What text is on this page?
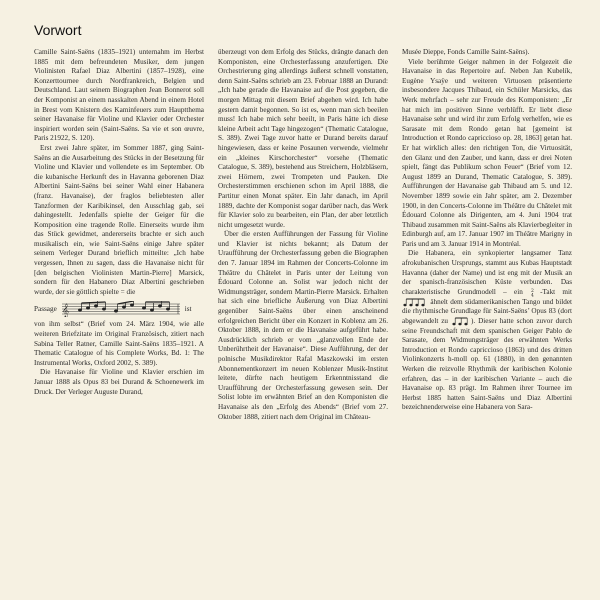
Vorwort

Camille Saint-Saëns (1835–1921) unternahm im Herbst 1885 mit dem befreundeten Musiker, dem jungen Violinisten Rafael Diaz Albertini (1857–1928), eine Konzerttournee durch Nordfrankreich, Belgien und Deutschland. Laut seinem Biographen Jean Bonnerot soll der Komponist an einem nasskalten Abend in einem Hotel in Brest vom Knistern des Kaminfeuers zum Hauptthema seiner Havanaise für Violine und Klavier oder Orchester inspiriert worden sein (Saint-Saëns. Sa vie et son œuvre, Paris 21922, S. 120).

Erst zwei Jahre später, im Sommer 1887, ging Saint-Saëns an die Ausarbeitung des Stücks in der Besetzung für Violine und Klavier und vollendete es im September. Ob die kubanische Herkunft des in Havanna geborenen Diaz Albertini Saint-Saëns bei seiner Wahl einer Habanera (franz. Havanaise), der fraglos beliebtesten aller Tanzformen der Karibikinsel, den Ausschlag gab, sei dahingestellt. Jedenfalls spielte der Geiger für die Komposition eine tragende Rolle. Einerseits wurde ihm das Stück gewidmet, andererseits brachte er sich auch musikalisch ein, wie Saint-Saëns einige Jahre später seinem Verleger Durand brieflich mitteilte: „Ich habe vergessen, Ihnen zu sagen, dass die Havanaise nicht für [den belgischen Violinisten Martin-Pierre] Marsick, sondern für den Habanero Diaz Albertini geschrieben wurde, der sie göttlich spielte = die

Passage 𝄞	ist

von ihm selbst“ (Brief vom 24. März 1904, wie alle weiteren Briefzitate im Original Französisch, zitiert nach Sabina Teller Ratner, Camille Saint-Saëns 1835–1921. A Thematic Catalogue of his Complete Works, Bd. 1: The Instrumental Works, Oxford 2002, S. 389).

Die Havanaise für Violine und Klavier erschien im Januar 1888 als Opus 83 bei Durand & Schoenewerk im Druck. Der Verleger Auguste Durand,

überzeugt von dem Erfolg des Stücks, drängte danach den Komponisten, eine Orchesterfassung anzufertigen. Die Orchestrierung ging allerdings äußerst schnell vonstatten, denn Saint-Saëns schrieb am 23. Februar 1888 an Durand: „Ich habe gerade die Havanaise auf die Post gegeben, die morgen Mittag mit diesem Brief abgehen wird. Ich habe gestern damit begonnen. So ist es, wenn man sich beeilen muss! Ich habe mich sehr beeilt, in Paris hätte ich diese kleine Arbeit acht Tage hingezogen“ (Thematic Catalogue, S. 389). Zwei Tage zuvor hatte er Durand bereits darauf hingewiesen, dass er keine Posaunen verwende, vielmehr ein „kleines Kirschorchester“ vorsehe (Thematic Catalogue, S. 389), bestehend aus Streichern, Holzbläsern, zwei Hörnern, zwei Trompeten und Pauken. Die Orchesterstimmen erschienen schon im April 1888, die Partitur einen Monat später. Ein Jahr danach, im April 1889, dachte der Komponist sogar darüber nach, das Werk für Klavier solo zu bearbeiten, ein Plan, der aber letztlich nicht umgesetzt wurde.

Über die ersten Aufführungen der Fassung für Violine und Klavier ist nichts bekannt; als Datum der Uraufführung der Orchesterfassung geben die Biographen den 7. Januar 1894 im Rahmen der Concerts-Colonne im Théâtre du Châtelet in Paris unter der Leitung von Édouard Colonne an. Solist war jedoch nicht der Widmungsträger, sondern Martin-Pierre Marsick. Erhalten hat sich eine briefliche Äußerung von Diaz Albertini gegenüber Saint-Saëns über einen anscheinend erfolgreichen Bericht über ein Konzert in Koblenz am 26. Oktober 1888, in dem er die Havanaise aufgeführt habe. Ausdrücklich schrieb er vom „glanzvollen Ende der Unberührtheit der Havanaise“. Diese Aufführung, der der polnische Musikdirektor Rafal Maszkowski im ersten Abonnementkonzert im neuen Koblenzer Musik-Institut leitete, dürfte nach heutigem Erkenntnisstand die Uraufführung der Orchesterfassung gewesen sein. Der Solist lobte im erwähnten Brief an den Komponisten die Havanaise als den „Erfolg des Abends“ (Brief vom 27. Oktober 1888, zitiert nach dem Original im Château-

Musée Dieppe, Fonds Camille Saint-Saëns).

Viele berühmte Geiger nahmen in der Folgezeit die Havanaise in das Repertoire auf. Neben Jan Kubelík, Eugène Ysaÿe und weiteren Virtuosen präsentierte insbesondere Jacques Thibaud, ein Schüler Marsicks, das Werk mehrfach – sehr zur Freude des Komponisten: „Er hat mich im positiven Sinne verblüfft. Er liebt diese Havanaise sehr und wird ihr zum Erfolg verhelfen, wie es Sarasate mit dem Rondo getan hat [gemeint ist Introduction et Rondo capriccioso op. 28, 1863] getan hat. Er hat wirklich alles: den richtigen Ton, die Virtuosität, den Glanz und den Zauber, und kann, dass er drei Noten spielt, fängt das Publikum schon Feuer“ (Brief vom 12. August 1899 an Durand, Thematic Catalogue, S. 389). Aufführungen der Havanaise gab Thibaud am 5. und 12. November 1899 sowie ein Jahr später, am 2. Dezember 1900, in den Concerts-Colonne im Théâtre du Châtelet mit Édouard Colonne als Dirigenten, am 4. Juni 1904 trat Thibaud zusammen mit Saint-Saëns als Klavierbegleiter in Edinburgh auf, am 17. Januar 1907 im Théâtre Marigny in Paris und am 3. Januar 1914 in Montréal.

Die Habanera, ein synkopierter langsamer Tanz afrokubanischen Ursprungs, stammt aus Kubas Hauptstadt Havanna (daher der Name) und ist eng mit der Musik an der spanisch-französischen Küste verbunden. Das charakteristische Grundmodell – ein 2
4 -Takt mit  ähnelt dem südamerikanischen Tango und bildet die rhythmische Grundlage für Saint-Saëns’ Opus 83 (dort abgewandelt zu	). Dieser hatte schon zuvor durch seine Freundschaft mit dem spanischen Geiger Pablo de Sarasate, dem Widmungsträger des erwähnten Werks Introduction et Rondo capriccioso (1863) und des dritten Violinkonzerts h-moll op. 61 (1880), in den genannten Werken die reizvolle Rhythmik der karibischen Kolonie erfahren, das – in der karibischen Variante – auch die Havanaise op. 83 prägt. Im Rahmen ihrer Tournee im Herbst 1885 hatten Saint-Saëns und Diaz Albertini bezeichnenderweise eine Habanera von Sara-
